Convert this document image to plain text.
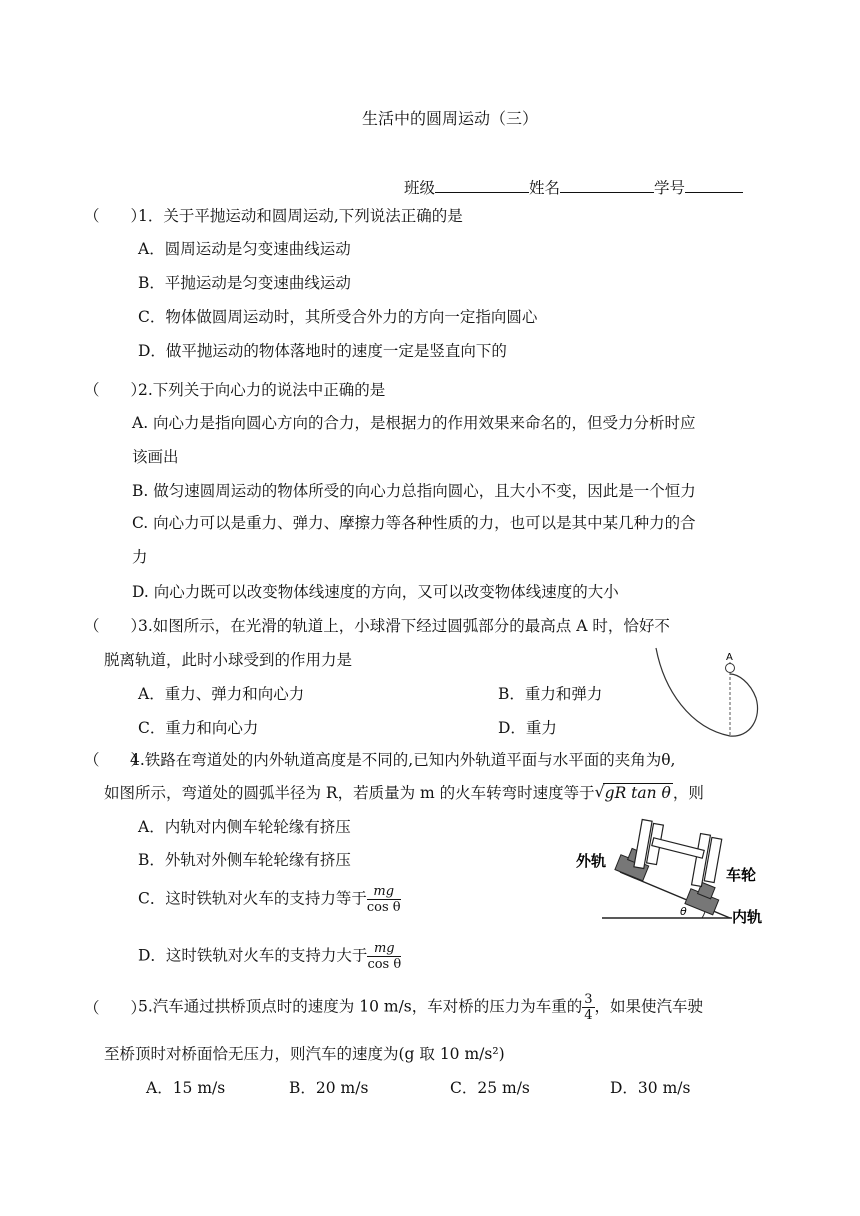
生活中的圆周运动（三）
班级	姓名	学号
（　　）
1．关于平抛运动和圆周运动,下列说法正确的是
A．圆周运动是匀变速曲线运动
B．平抛运动是匀变速曲线运动
C．物体做圆周运动时，其所受合外力的方向一定指向圆心
D．做平抛运动的物体落地时的速度一定是竖直向下的
（　　）
2.下列关于向心力的说法中正确的是
A. 向心力是指向圆心方向的合力，是根据力的作用效果来命名的，但受力分析时应
该画出
B. 做匀速圆周运动的物体所受的向心力总指向圆心，且大小不变，因此是一个恒力
C. 向心力可以是重力、弹力、摩擦力等各种性质的力，也可以是其中某几种力的合
力
D. 向心力既可以改变物体线速度的方向，又可以改变物体线速度的大小
（　　）
3.如图所示，在光滑的轨道上，小球滑下经过圆弧部分的最高点 A 时，恰好不
脱离轨道，此时小球受到的作用力是
A．重力、弹力和向心力	B．重力和弹力
C．重力和向心力	D．重力
A
（　　）
4.铁路在弯道处的内外轨道高度是不同的,已知内外轨道平面与水平面的夹角为θ,
如图所示，弯道处的圆弧半径为 R，若质量为 m 的火车转弯时速度等于 √ gR tan θ ，则
A．内轨对内侧车轮轮缘有挤压
B．外轨对外侧车轮轮缘有挤压
C．这时铁轨对火车的支持力等于 $\frac{mg}{\text{cos θ}}$
D．这时铁轨对火车的支持力大于 $\frac{mg}{\text{cos θ}}$
外轨
车轮
内轨
θ
（　　）
5.汽车通过拱桥顶点时的速度为 10 m/s，车对桥的压力为车重的 $\frac{3}{4}$ ，如果使汽车驶
至桥顶时对桥面恰无压力，则汽车的速度为(g 取 10 m/s²)
A．15 m/s	B．20 m/s	C．25 m/s	D．30 m/s
